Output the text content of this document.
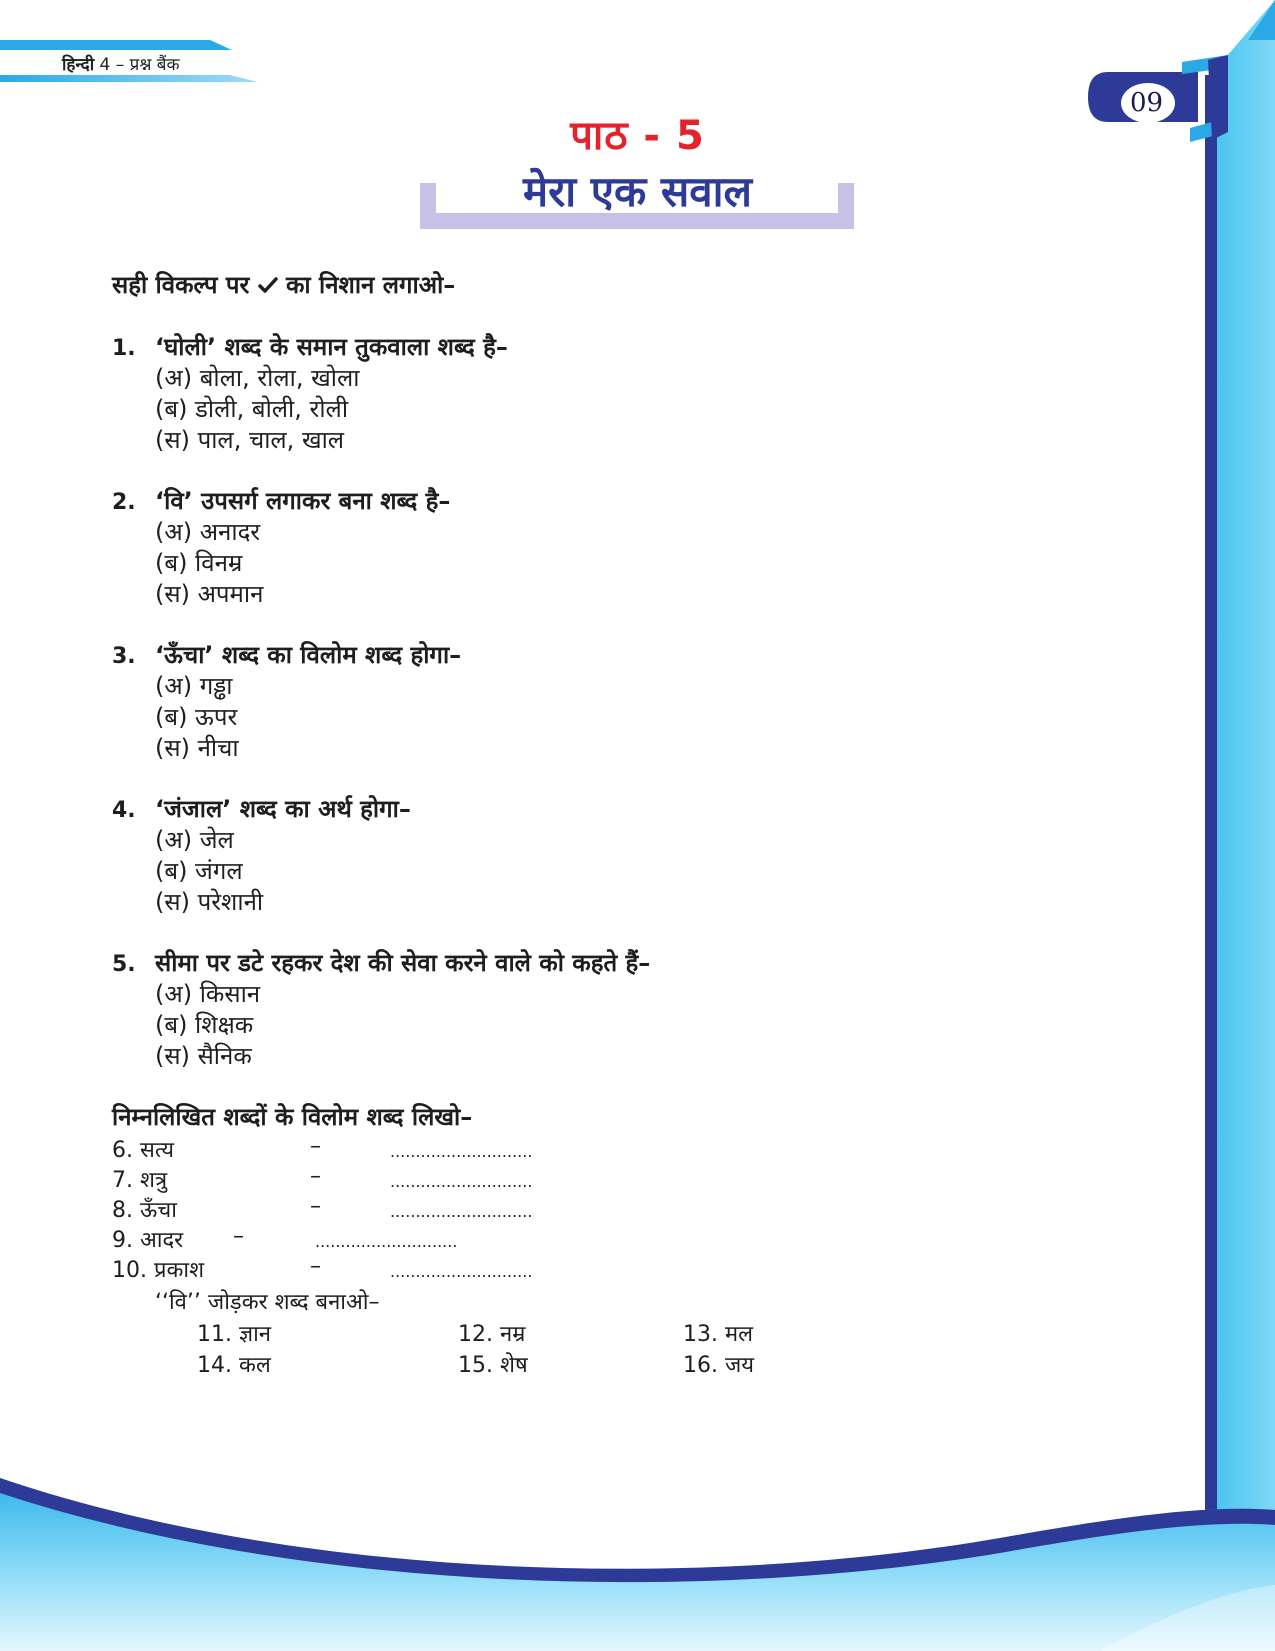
हिन्दी 4 – प्रश्न बैंक
09
पाठ - 5
मेरा एक सवाल
सही विकल्प पर का निशान लगाओ–
1. ‘घोली’ शब्द के समान तुकवाला शब्द है–
(अ) बोला, रोला, खोला
(ब) डोली, बोली, रोली
(स) पाल, चाल, खाल
2. ‘वि’ उपसर्ग लगाकर बना शब्द है–
(अ) अनादर
(ब) विनम्र
(स) अपमान
3. ‘ऊँचा’ शब्द का विलोम शब्द होगा–
(अ) गड्ढा
(ब) ऊपर
(स) नीचा
4. ‘जंजाल’ शब्द का अर्थ होगा–
(अ) जेल
(ब) जंगल
(स) परेशानी
5. सीमा पर डटे रहकर देश की सेवा करने वाले को कहते हैं–
(अ) किसान
(ब) शिक्षक
(स) सैनिक
निम्नलिखित शब्दों के विलोम शब्द लिखो–
6. सत्य	–	............................
7. शत्रु	–	............................
8. ऊँचा	–	............................
9. आदर –	............................
10. प्रकाश	–	............................
‘‘वि’’ जोड़कर शब्द बनाओ–
11. ज्ञान	12. नम्र	13. मल
14. कल	15. शेष	16. जय
